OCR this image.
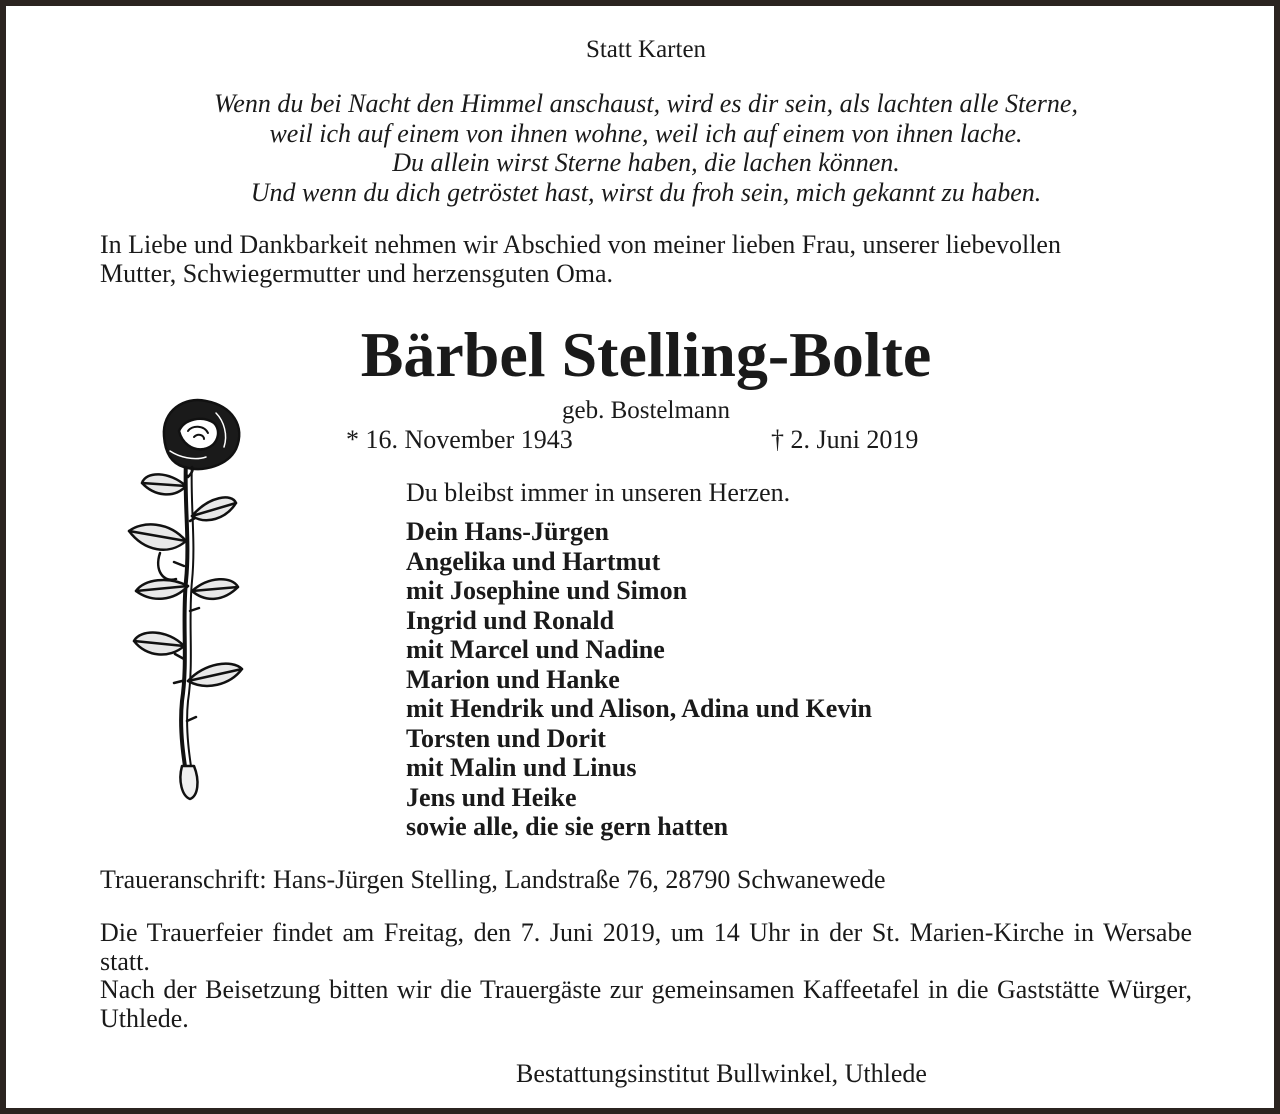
Statt Karten
Wenn du bei Nacht den Himmel anschaust, wird es dir sein, als lachten alle Sterne,
weil ich auf einem von ihnen wohne, weil ich auf einem von ihnen lache.
Du allein wirst Sterne haben, die lachen können.
Und wenn du dich getröstet hast, wirst du froh sein, mich gekannt zu haben.
In Liebe und Dankbarkeit nehmen wir Abschied von meiner lieben Frau, unserer liebevollen
Mutter, Schwiegermutter und herzensguten Oma.
Bärbel Stelling-Bolte
geb. Bostelmann
* 16. November 1943	† 2. Juni 2019
Du bleibst immer in unseren Herzen.
Dein Hans-Jürgen
Angelika und Hartmut
mit Josephine und Simon
Ingrid und Ronald
mit Marcel und Nadine
Marion und Hanke
mit Hendrik und Alison, Adina und Kevin
Torsten und Dorit
mit Malin und Linus
Jens und Heike
sowie alle, die sie gern hatten
Traueranschrift: Hans-Jürgen Stelling, Landstraße 76, 28790 Schwanewede

Die Trauerfeier findet am Freitag, den 7. Juni 2019, um 14 Uhr in der St. Marien-Kirche in Wersabe statt.

Nach der Beisetzung bitten wir die Trauergäste zur gemeinsamen Kaffeetafel in die Gaststätte Würger, Uthlede.

Bestattungsinstitut Bullwinkel, Uthlede
